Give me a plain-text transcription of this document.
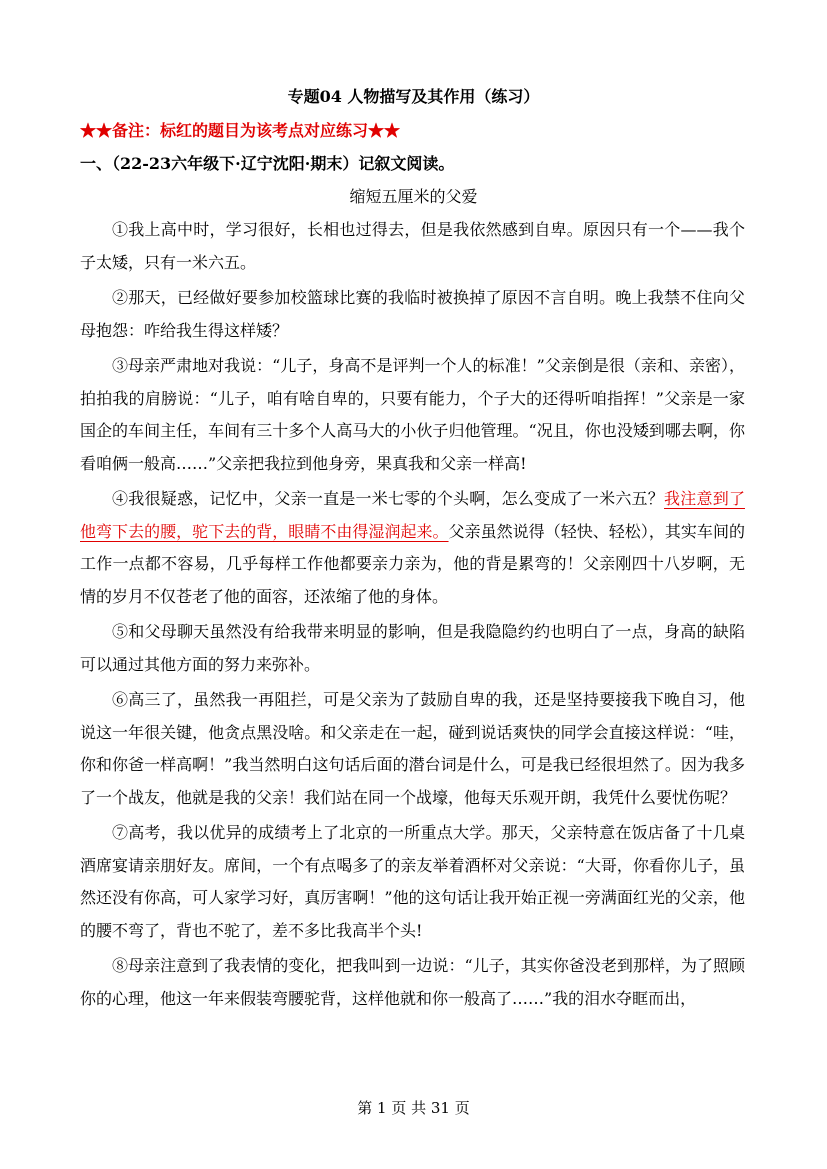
专题04 人物描写及其作用（练习）
★★备注：标红的题目为该考点对应练习★★
一、（22-23六年级下·辽宁沈阳·期末）记叙文阅读。
缩短五厘米的父爱

①我上高中时，学习很好，长相也过得去，但是我依然感到自卑。原因只有一个——我个子太矮，只有一米六五。

②那天，已经做好要参加校篮球比赛的我临时被换掉了原因不言自明。晚上我禁不住向父母抱怨：咋给我生得这样矮？

③母亲严肃地对我说：“儿子，身高不是评判一个人的标准！”父亲倒是很（亲和、亲密），拍拍我的肩膀说：“儿子，咱有啥自卑的，只要有能力，个子大的还得听咱指挥！”父亲是一家国企的车间主任，车间有三十多个人高马大的小伙子归他管理。“况且，你也没矮到哪去啊，你看咱俩一般高……”父亲把我拉到他身旁，果真我和父亲一样高!

④我很疑惑，记忆中，父亲一直是一米七零的个头啊，怎么变成了一米六五？我注意到了他弯下去的腰，驼下去的背，眼睛不由得湿润起来。父亲虽然说得（轻快、轻松），其实车间的工作一点都不容易，几乎每样工作他都要亲力亲为，他的背是累弯的！父亲刚四十八岁啊，无情的岁月不仅苍老了他的面容，还浓缩了他的身体。

⑤和父母聊天虽然没有给我带来明显的影响，但是我隐隐约约也明白了一点，身高的缺陷可以通过其他方面的努力来弥补。

⑥高三了，虽然我一再阻拦，可是父亲为了鼓励自卑的我，还是坚持要接我下晚自习，他说这一年很关键，他贪点黑没啥。和父亲走在一起，碰到说话爽快的同学会直接这样说：“哇，你和你爸一样高啊！”我当然明白这句话后面的潜台词是什么，可是我已经很坦然了。因为我多了一个战友，他就是我的父亲！我们站在同一个战壕，他每天乐观开朗，我凭什么要忧伤呢？

⑦高考，我以优异的成绩考上了北京的一所重点大学。那天，父亲特意在饭店备了十几桌酒席宴请亲朋好友。席间，一个有点喝多了的亲友举着酒杯对父亲说：“大哥，你看你儿子，虽然还没有你高，可人家学习好，真厉害啊！”他的这句话让我开始正视一旁满面红光的父亲，他的腰不弯了，背也不驼了，差不多比我高半个头!

⑧母亲注意到了我表情的变化，把我叫到一边说：“儿子，其实你爸没老到那样，为了照顾你的心理，他这一年来假装弯腰驼背，这样他就和你一般高了……”我的泪水夺眶而出，

第 1 页 共 31 页
